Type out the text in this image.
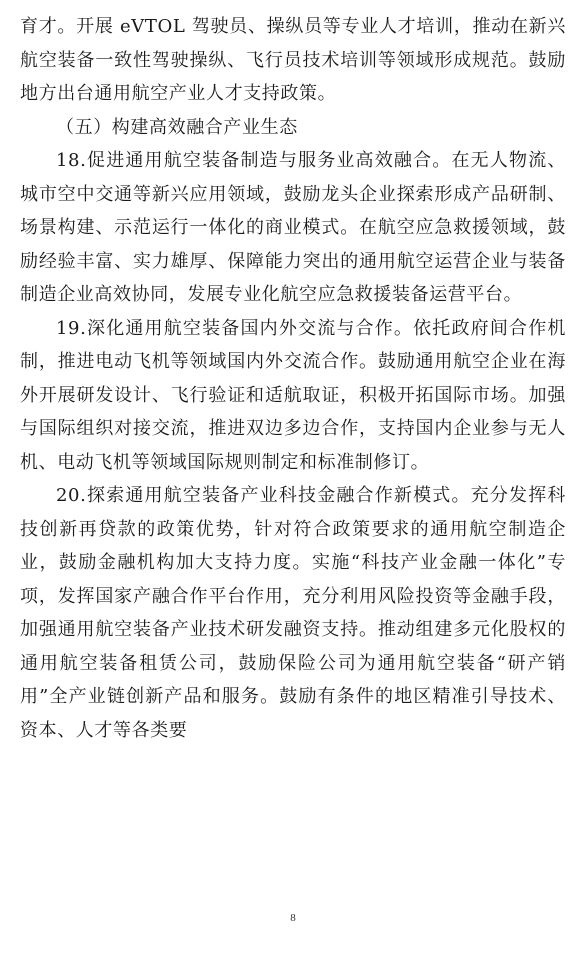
育才。开展 eVTOL 驾驶员、操纵员等专业人才培训，推动在新兴航空装备一致性驾驶操纵、飞行员技术培训等领域形成规范。鼓励地方出台通用航空产业人才支持政策。

（五）构建高效融合产业生态

18.促进通用航空装备制造与服务业高效融合。在无人物流、城市空中交通等新兴应用领域，鼓励龙头企业探索形成产品研制、场景构建、示范运行一体化的商业模式。在航空应急救援领域，鼓励经验丰富、实力雄厚、保障能力突出的通用航空运营企业与装备制造企业高效协同，发展专业化航空应急救援装备运营平台。

19.深化通用航空装备国内外交流与合作。依托政府间合作机制，推进电动飞机等领域国内外交流合作。鼓励通用航空企业在海外开展研发设计、飞行验证和适航取证，积极开拓国际市场。加强与国际组织对接交流，推进双边多边合作，支持国内企业参与无人机、电动飞机等领域国际规则制定和标准制修订。

20.探索通用航空装备产业科技金融合作新模式。充分发挥科技创新再贷款的政策优势，针对符合政策要求的通用航空制造企业，鼓励金融机构加大支持力度。实施“科技产业金融一体化”专项，发挥国家产融合作平台作用，充分利用风险投资等金融手段，加强通用航空装备产业技术研发融资支持。推动组建多元化股权的通用航空装备租赁公司，鼓励保险公司为通用航空装备“研产销用”全产业链创新产品和服务。鼓励有条件的地区精准引导技术、资本、人才等各类要

8
